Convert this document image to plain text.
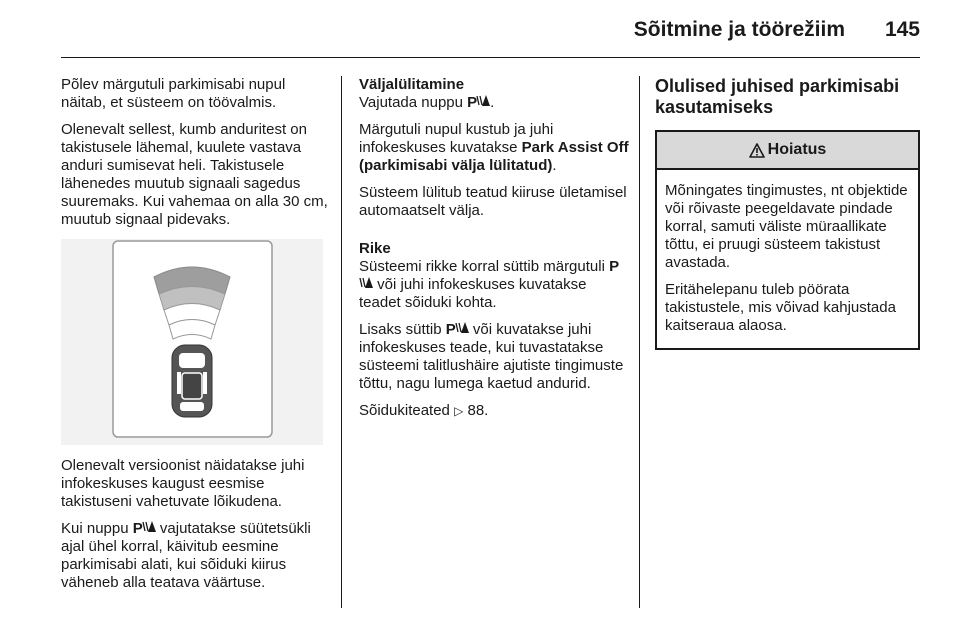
Sõitmine ja töörežiim 145

Põlev märgutuli parkimisabi nupul näitab, et süsteem on töövalmis.

Olenevalt sellest, kumb anduritest on takistusele lähemal, kuulete vastava anduri sumisevat heli. Takistusele lähenedes muutub signaali sagedus suuremaks. Kui vahemaa on alla 30 cm, muutub signaal pidevaks.

Olenevalt versioonist näidatakse juhi infokeskuses kaugust eesmise takistuseni vahetuvate lõikudena.

Kui nuppu P vajutatakse süütetsükli ajal ühel korral, käivitub eesmine parkimisabi alati, kui sõiduki kiirus väheneb alla teatava väärtuse.

Väljalülitamine

Vajutada nuppu P .

Märgutuli nupul kustub ja juhi infokeskuses kuvatakse Park Assist Off (parkimisabi välja lülitatud).

Süsteem lülitub teatud kiiruse ületamisel automaatselt välja.

Rike

Süsteemi rikke korral süttib märgutuli P või juhi infokeskuses kuvatakse teadet sõiduki kohta.

Lisaks süttib P või kuvatakse juhi infokeskuses teade, kui tuvastatakse süsteemi talitlushäire ajutiste tingimuste tõttu, nagu lumega kaetud andurid.

Sõidukiteated ▷ 88.

Olulised juhised parkimisabi kasutamiseks
Hoiatus

Mõningates tingimustes, nt objektide või rõivaste peegeldavate pindade korral, samuti väliste müraallikate tõttu, ei pruugi süsteem takistust avastada.

Eritähelepanu tuleb pöörata takistustele, mis võivad kahjustada kaitseraua alaosa.
